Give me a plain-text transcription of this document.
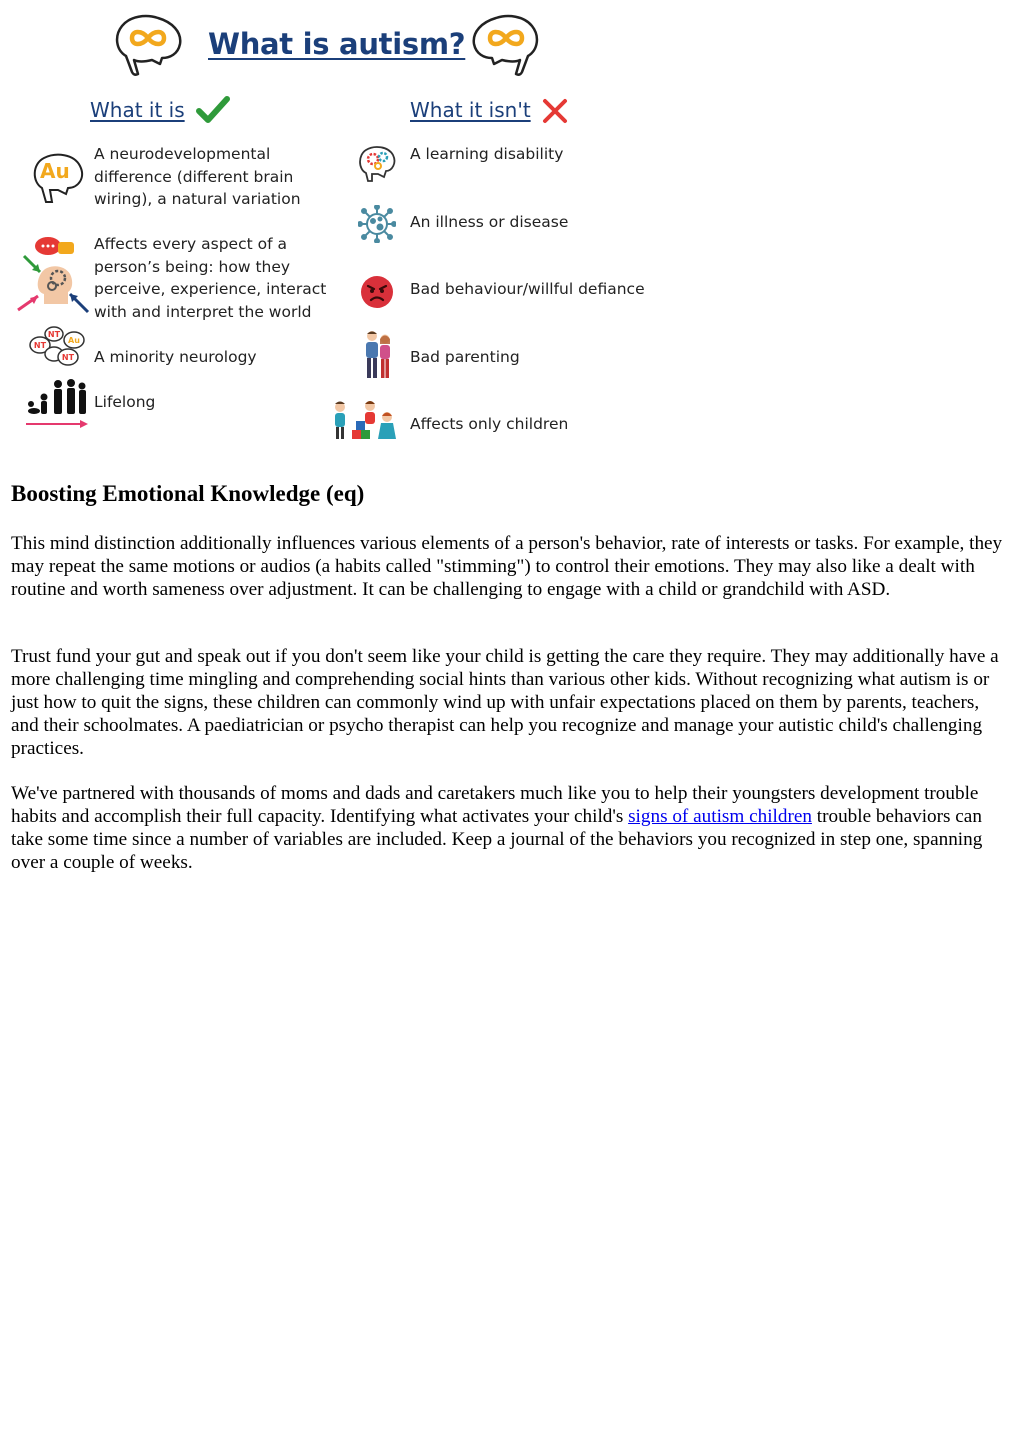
What is autism?
What it is	What it isn't
Au
A neurodevelopmental
difference (different brain
wiring), a natural variation
Affects every aspect of a
person’s being: how they
perceive, experience, interact
with and interpret the world
NT
Au
NT
NT A minority neurology
Lifelong
A learning disability
An illness or disease
Bad behaviour/willful defiance
Bad parenting
Affects only children
Boosting Emotional Knowledge (eq)

This mind distinction additionally influences various elements of a person's behavior, rate of interests or tasks. For example, they may repeat the same motions or audios (a habits called "stimming") to control their emotions. They may also like a dealt with routine and worth sameness over adjustment. It can be challenging to engage with a child or grandchild with ASD.

Trust fund your gut and speak out if you don't seem like your child is getting the care they require. They may additionally have a more challenging time mingling and comprehending social hints than various other kids. Without recognizing what autism is or just how to quit the signs, these children can commonly wind up with unfair expectations placed on them by parents, teachers, and their schoolmates. A paediatrician or psycho therapist can help you recognize and manage your autistic child's challenging practices.

We've partnered with thousands of moms and dads and caretakers much like you to help their youngsters development trouble habits and accomplish their full capacity. Identifying what activates your child's signs of autism children trouble behaviors can take some time since a number of variables are included. Keep a journal of the behaviors you recognized in step one, spanning over a couple of weeks.
